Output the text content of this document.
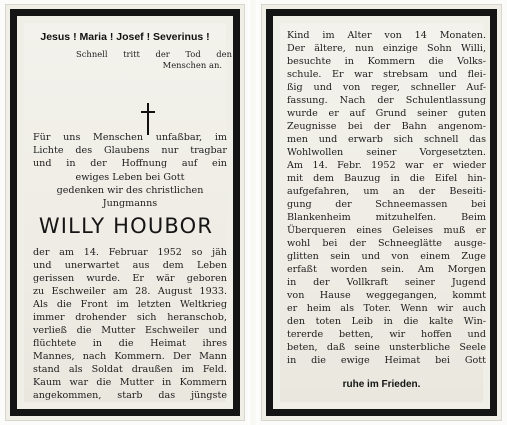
Jesus ! Maria ! Josef ! Severinus !
Schnell tritt der Tod den
Menschen an.
Für uns Menschen unfaßbar, im
Lichte des Glaubens nur tragbar
und in der Hoffnung auf ein
ewiges Leben bei Gott
gedenken wir des christlichen
Jungmanns
WILLY HOUBOR
der am 14. Februar 1952 so jäh
und unerwartet aus dem Leben
gerissen wurde. Er wär geboren
zu Eschweiler am 28. August 1933.
Als die Front im letzten Weltkrieg
immer drohender sich heranschob,
verließ die Mutter Eschweiler und
flüchtete in die Heimat ihres
Mannes, nach Kommern. Der Mann
stand als Soldat draußen im Feld.
Kaum war die Mutter in Kommern
angekommen, starb das jüngste
Kind im Alter von 14 Monaten.
Der ältere, nun einzige Sohn Willi,
besuchte in Kommern die Volks-
schule. Er war strebsam und flei-
ßig und von reger, schneller Auf-
fassung. Nach der Schulentlassung
wurde er auf Grund seiner guten
Zeugnisse bei der Bahn angenom-
men und erwarb sich schnell das
Wohlwollen seiner Vorgesetzten.
Am 14. Febr. 1952 war er wieder
mit dem Bauzug in die Eifel hin-
aufgefahren, um an der Beseiti-
gung der Schneemassen bei
Blankenheim mitzuhelfen. Beim
Überqueren eines Geleises muß er
wohl bei der Schneeglätte ausge-
glitten sein und von einem Zuge
erfaßt worden sein. Am Morgen
in der Vollkraft seiner Jugend
von Hause weggegangen, kommt
er heim als Toter. Wenn wir auch
den toten Leib in die kalte Win-
tererde betten, wir hoffen und
beten, daß seine unsterbliche Seele
in die ewige Heimat bei Gott
ruhe im Frieden.
